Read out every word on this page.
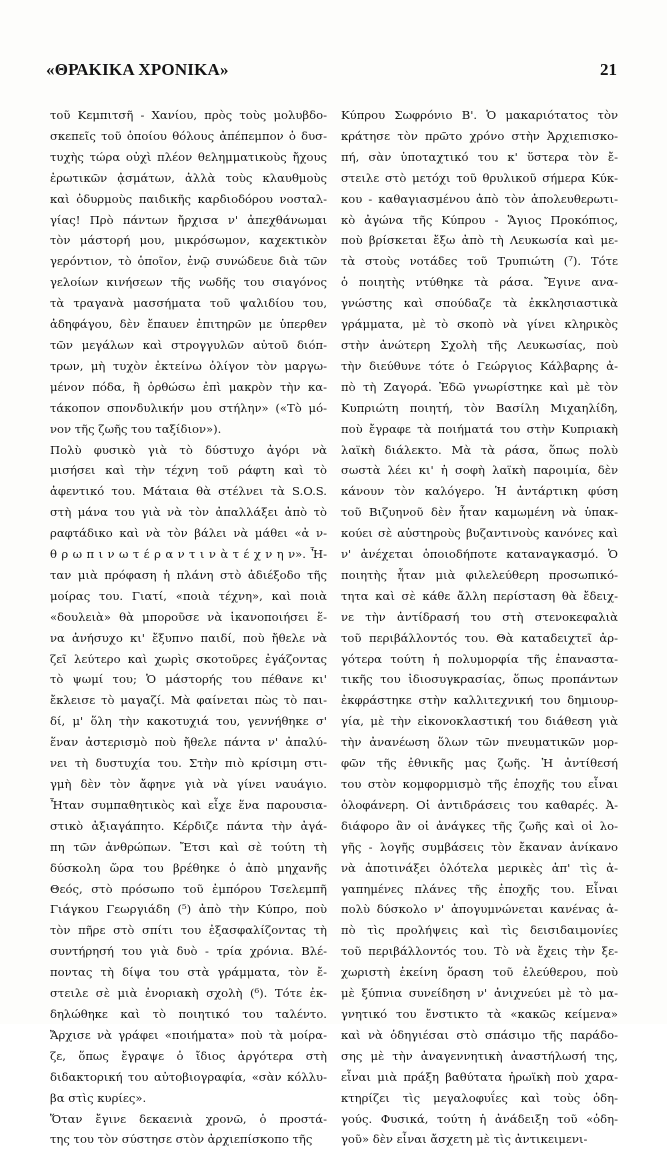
«ΘΡΑΚΙΚΑ ΧΡΟΝΙΚΑ»	21

τοῦ Κεμπιτσῆ - Χανίου, πρὸς τοὺς μολυβδο-

σκεπεῖς τοῦ ὁποίου θόλους ἀπέπεμπον ὁ δυσ-

τυχὴς τώρα οὐχὶ πλέον θελημματικοὺς ἤχους

ἐρωτικῶν ᾀσμάτων, ἀλλὰ τοὺς κλαυθμοὺς

καὶ ὀδυρμοὺς παιδικῆς καρδιοδόρου νοσταλ-

γίας! Πρὸ πάντων ἤρχισα ν' ἀπεχθάνωμαι

τὸν μάστορή μου, μικρόσωμον, καχεκτικὸν

γερόντιον, τὸ ὁποῖον, ἐνῷ συνώδευε διὰ τῶν

γελοίων κινήσεων τῆς νωδῆς του σιαγόνος

τὰ τραγανὰ μασσήματα τοῦ ψαλιδίου του,

ἀδηφάγου, δὲν ἔπαυεν ἐπιτηρῶν με ὑπερθεν

τῶν μεγάλων καὶ στρογγυλῶν αὐτοῦ διόπ-

τρων, μὴ τυχὸν ἐκτείνω ὀλίγον τὸν μαργω-

μένον πόδα, ἢ ὀρθώσω ἐπὶ μακρὸν τὴν κα-

τάκοπον σπονδυλικήν μου στήλην» («Τὸ μό-

νον τῆς ζωῆς του ταξίδιον»).

Πολὺ φυσικὸ γιὰ τὸ δύστυχο ἀγόρι νὰ

μισήσει καὶ τὴν τέχνη τοῦ ράφτη καὶ τὸ

ἀφεντικό του. Μάταια θὰ στέλνει τὰ S.O.S.

στὴ μάνα του γιὰ νὰ τὸν ἀπαλλάξει ἀπὸ τὸ

ραφτάδικο καὶ νὰ τὸν βάλει νὰ μάθει «ἀ ν-

θ ρ ω π ι ν ω τ έ ρ α ν τ ι ν ὰ τ έ χ ν η ν». Ἦ-

ταν μιὰ πρόφαση ἡ πλάνη στὸ ἀδιέξοδο τῆς

μοίρας του. Γιατί, «ποιὰ τέχνη», καὶ ποιὰ

«δουλειὰ» θὰ μποροῦσε νὰ ἱκανοποιήσει ἕ-

να ἀνήσυχο κι' ἔξυπνο παιδί, ποὺ ἤθελε νὰ

ζεῖ λεύτερο καὶ χωρὶς σκοτοῦρες ἐγάζοντας

τὸ ψωμί του; Ὁ μάστορής του πέθανε κι'

ἔκλεισε τὸ μαγαζί. Μὰ φαίνεται πὼς τὸ παι-

δί, μ' ὅλη τὴν κακοτυχιά του, γεννήθηκε σ'

ἕναν ἀστερισμὸ ποὺ ἤθελε πάντα ν' ἀπαλύ-

νει τὴ δυστυχία του. Στὴν πιὸ κρίσιμη στι-

γμὴ δὲν τὸν ἄφηνε γιὰ νὰ γίνει ναυάγιο.

Ἦταν συμπαθητικὸς καὶ εἶχε ἕνα παρουσια-

στικὸ ἀξιαγάπητο. Κέρδιζε πάντα τὴν ἀγά-

πη τῶν ἀνθρώπων. Ἔτσι καὶ σὲ τούτη τὴ

δύσκολη ὥρα του βρέθηκε ὁ ἀπὸ μηχανῆς

Θεός, στὸ πρόσωπο τοῦ ἐμπόρου Τσελεμπῆ

Γιάγκου Γεωργιάδη (⁵) ἀπὸ τὴν Κύπρο, ποὺ

τὸν πῆρε στὸ σπίτι του ἐξασφαλίζοντας τὴ

συντήρησή του γιὰ δυὸ - τρία χρόνια. Βλέ-

ποντας τὴ δίψα του στὰ γράμματα, τὸν ἔ-

στειλε σὲ μιὰ ἐνοριακὴ σχολὴ (⁶). Τότε ἐκ-

δηλώθηκε καὶ τὸ ποιητικό του ταλέντο.

Ἄρχισε νὰ γράφει «ποιήματα» ποὺ τὰ μοίρα-

ζε, ὅπως ἔγραψε ὁ ἴδιος ἀργότερα στὴ

διδακτορική του αὐτοβιογραφία, «σὰν κόλλυ-

βα στὶς κυρίες».

Ὅταν ἔγινε δεκαενιὰ χρονῶ, ὁ προστά-

της του τὸν σύστησε στὸν ἀρχιεπίσκοπο τῆς

Κύπρου Σωφρόνιο Β'. Ὁ μακαριότατος τὸν

κράτησε τὸν πρῶτο χρόνο στὴν Ἀρχιεπισκο-

πή, σὰν ὑποταχτικό του κ' ὕστερα τὸν ἔ-

στειλε στὸ μετόχι τοῦ θρυλικοῦ σήμερα Κύκ-

κου - καθαγιασμένου ἀπὸ τὸν ἀπολευθερωτι-

κὸ ἀγώνα τῆς Κύπρου - Ἅγιος Προκόπιος,

ποὺ βρίσκεται ἔξω ἀπὸ τὴ Λευκωσία καὶ με-

τὰ στοὺς νοτάδες τοῦ Τρυπιώτη (⁷). Τότε

ὁ ποιητὴς ντύθηκε τὰ ράσα. Ἔγινε ανα-

γνώστης καὶ σπούδαζε τὰ ἐκκλησιαστικὰ

γράμματα, μὲ τὸ σκοπὸ νὰ γίνει κληρικὸς

στὴν ἀνώτερη Σχολὴ τῆς Λευκωσίας, ποὺ

τὴν διεύθυνε τότε ὁ Γεώργιος Κάλβαρης ἀ-

πὸ τὴ Ζαγορά. Ἐδῶ γνωρίστηκε καὶ μὲ τὸν

Κυπριώτη ποιητή, τὸν Βασίλη Μιχαηλίδη,

ποὺ ἔγραφε τὰ ποιήματά του στὴν Κυπριακὴ

λαϊκὴ διάλεκτο. Μὰ τὰ ράσα, ὅπως πολὺ

σωστὰ λέει κι' ἡ σοφὴ λαϊκὴ παροιμία, δὲν

κάνουν τὸν καλόγερο. Ἡ ἀντάρτικη φύση

τοῦ Βιζυηνοῦ δὲν ἦταν καμωμένη νὰ ὑπακ-

κούει σὲ αὐστηροὺς βυζαντινοὺς κανόνες καὶ

ν' ἀνέχεται ὁποιοδήποτε καταναγκασμό. Ὁ

ποιητὴς ἦταν μιὰ φιλελεύθερη προσωπικό-

τητα καὶ σὲ κάθε ἄλλη περίσταση θὰ ἔδειχ-

νε τὴν ἀντίδρασή του στὴ στενοκεφαλιὰ

τοῦ περιβάλλοντός του. Θὰ καταδειχτεῖ ἀρ-

γότερα τούτη ἡ πολυμορφία τῆς ἐπαναστα-

τικῆς του ἰδιοσυγκρασίας, ὅπως προπάντων

ἐκφράστηκε στὴν καλλιτεχνική του δημιουρ-

γία, μὲ τὴν εἰκονοκλαστική του διάθεση γιὰ

τὴν ἀνανέωση ὅλων τῶν πνευματικῶν μορ-

φῶν τῆς ἐθνικῆς μας ζωῆς. Ἡ ἀντίθεσή

του στὸν κομφορμισμὸ τῆς ἐποχῆς του εἶναι

ὁλοφάνερη. Οἱ ἀντιδράσεις του καθαρές. Ἀ-

διάφορο ἂν οἱ ἀνάγκες τῆς ζωῆς καὶ οἱ λο-

γῆς - λογῆς συμβάσεις τὸν ἔκαναν ἀνίκανο

νὰ ἀποτινάξει ὁλότελα μερικὲς ἀπ' τὶς ἀ-

γαπημένες πλάνες τῆς ἐποχῆς του. Εἶναι

πολὺ δύσκολο ν' ἀπογυμνώνεται κανένας ἀ-

πὸ τὶς προλήψεις καὶ τὶς δεισιδαιμονίες

τοῦ περιβάλλοντός του. Τὸ νὰ ἔχεις τὴν ξε-

χωριστὴ ἐκείνη ὅραση τοῦ ἐλεύθερου, ποὺ

μὲ ξύπνια συνείδηση ν' ἀνιχνεύει μὲ τὸ μα-

γνητικό του ἔνστικτο τὰ «κακῶς κείμενα»

καὶ νὰ ὁδηγιέσαι στὸ σπάσιμο τῆς παράδο-

σης μὲ τὴν ἀναγεννητικὴ ἀναστήλωσή της,

εἶναι μιὰ πράξη βαθύτατα ἡρωϊκὴ ποὺ χαρα-

κτηρίζει τὶς μεγαλοφυΐες καὶ τοὺς ὁδη-

γούς. Φυσικά, τούτη ἡ ἀνάδειξη τοῦ «ὁδη-

γοῦ» δὲν εἶναι ἄσχετη μὲ τὶς ἀντικειμενι-
